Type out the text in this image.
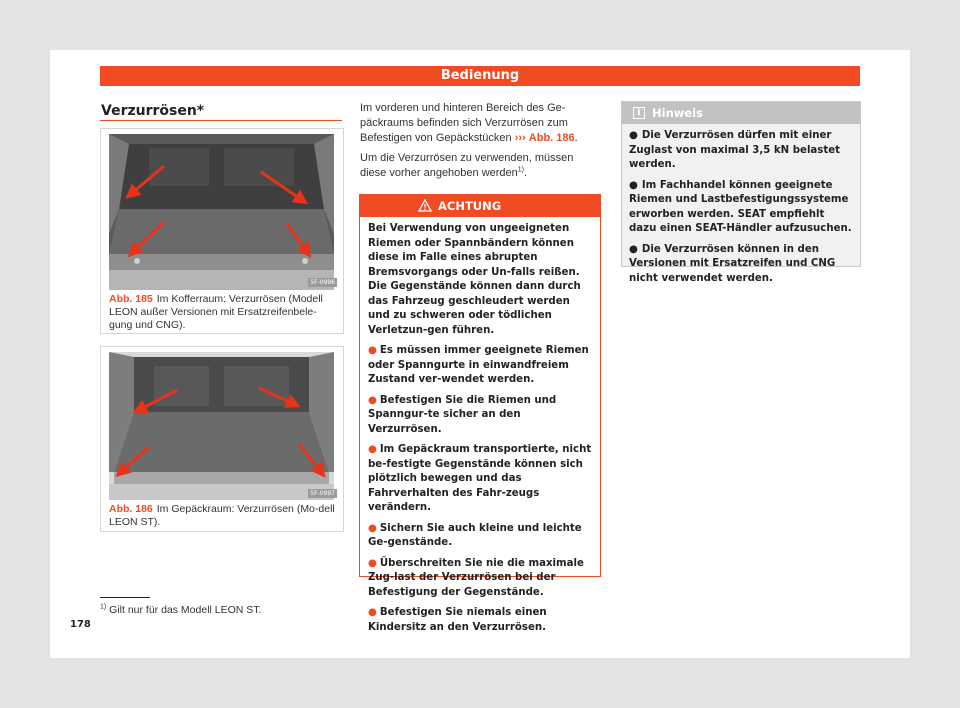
Bedienung
Verzurrösen*
5F-0996
Abb. 185 Im Kofferraum: Verzurrösen (Modell LEON außer Versionen mit Ersatzreifenbele-gung und CNG).
5F-0997
Abb. 186 Im Gepäckraum: Verzurrösen (Mo-dell LEON ST).
Im vorderen und hinteren Bereich des Ge-päckraums befinden sich Verzurrösen zum Befestigen von Gepäckstücken ››› Abb. 186.
Um die Verzurrösen zu verwenden, müssen diese vorher angehoben werden$^{1)}$.
ACHTUNG

Bei Verwendung von ungeeigneten Riemen oder Spannbändern können diese im Falle eines abrupten Bremsvorgangs oder Un-falls reißen. Die Gegenstände können dann durch das Fahrzeug geschleudert werden und zu schweren oder tödlichen Verletzun-gen führen.

● Es müssen immer geeignete Riemen oder Spanngurte in einwandfreiem Zustand ver-wendet werden.

● Befestigen Sie die Riemen und Spanngur-te sicher an den Verzurrösen.

● Im Gepäckraum transportierte, nicht be-festigte Gegenstände können sich plötzlich bewegen und das Fahrverhalten des Fahr-zeugs verändern.

● Sichern Sie auch kleine und leichte Ge-genstände.

● Überschreiten Sie nie die maximale Zug-last der Verzurrösen bei der Befestigung der Gegenstände.

● Befestigen Sie niemals einen Kindersitz an den Verzurrösen.

i Hinweis

● Die Verzurrösen dürfen mit einer Zuglast von maximal 3,5 kN belastet werden.

● Im Fachhandel können geeignete Riemen und Lastbefestigungssysteme erworben werden. SEAT empfiehlt dazu einen SEAT-Händler aufzusuchen.

● Die Verzurrösen können in den Versionen mit Ersatzreifen und CNG nicht verwendet werden.

$^{1)}$ Gilt nur für das Modell LEON ST.
178
